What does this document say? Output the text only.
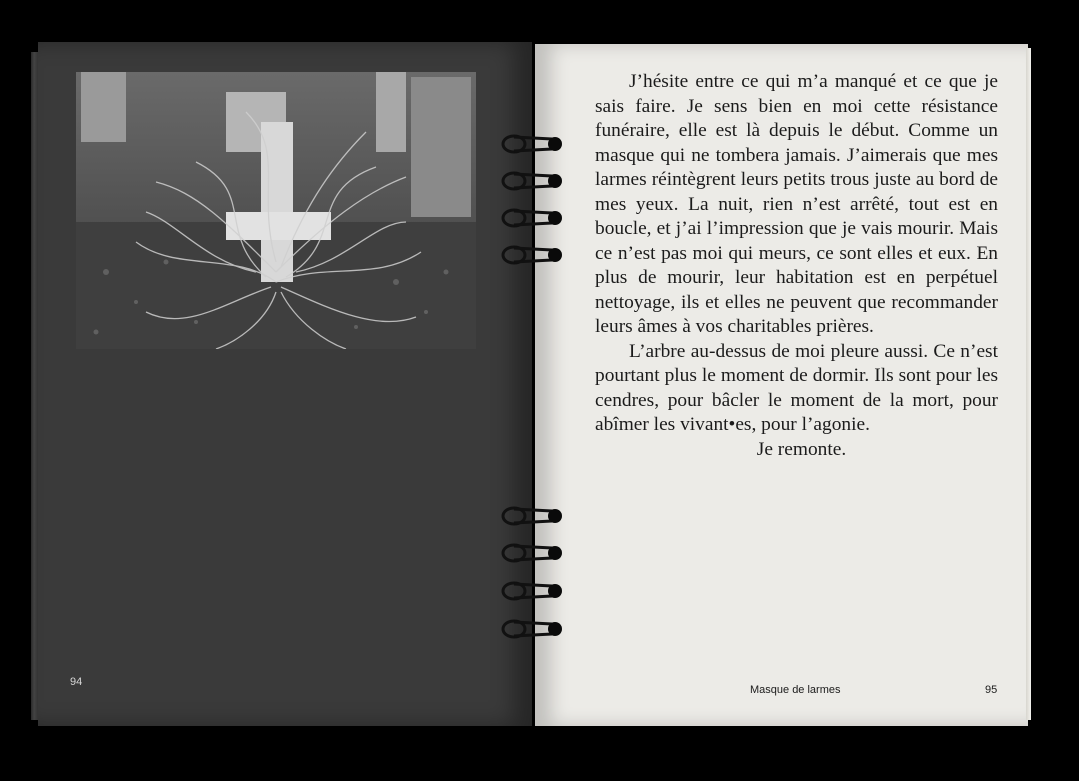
94

J’hésite entre ce qui m’a manqué et ce que je sais faire. Je sens bien en moi cette résistance funéraire, elle est là depuis le début. Comme un masque qui ne tombera jamais. J’aimerais que mes larmes réintègrent leurs petits trous juste au bord de mes yeux. La nuit, rien n’est arrêté, tout est en boucle, et j’ai l’impression que je vais mourir. Mais ce n’est pas moi qui meurs, ce sont elles et eux. En plus de mourir, leur habitation est en perpétuel nettoyage, ils et elles ne peuvent que recommander leurs âmes à vos charitables prières.

L’arbre au-dessus de moi pleure aussi. Ce n’est pourtant plus le moment de dormir. Ils sont pour les cendres, pour bâcler le moment de la mort, pour abîmer les vivant•es, pour l’agonie.

Je remonte.

Masque de larmes	95
